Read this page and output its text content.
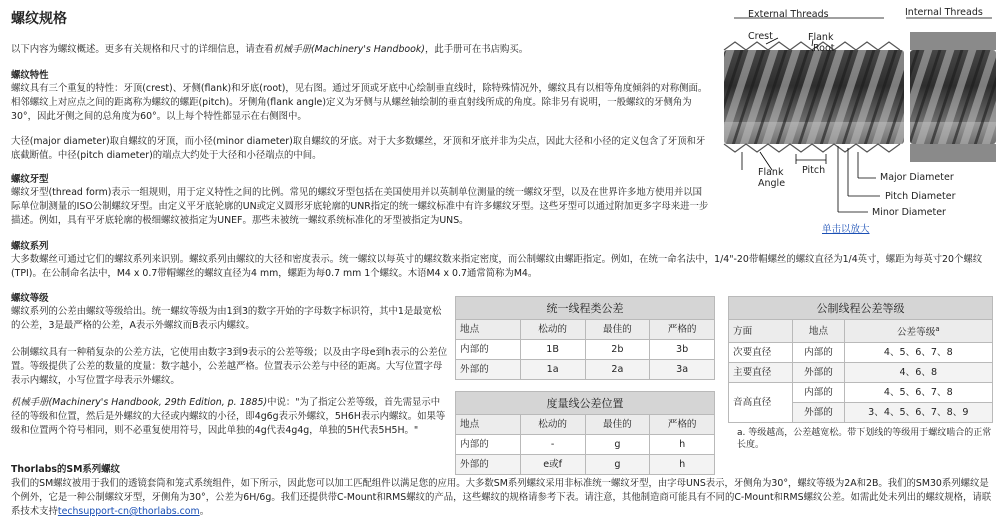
螺纹规格

以下内容为螺纹概述。更多有关规格和尺寸的详细信息，请查看机械手册(Machinery's Handbook)，此手册可在书店购买。

螺纹特性

螺纹具有三个重复的特性：牙顶(crest)、牙侧(flank)和牙底(root)，见右图。通过牙顶或牙底中心绘制垂直线时，除特殊情况外，螺纹具有以相等角度倾斜的对称侧面。相邻螺纹上对应点之间的距离称为螺纹的螺距(pitch)。牙侧角(flank angle)定义为牙侧与从螺丝轴绘制的垂直射线所成的角度。除非另有说明，一般螺纹的牙侧角为30°，因此牙侧之间的总角度为60°。以上每个特性都显示在右侧图中。

大径(major diameter)取自螺纹的牙顶，而小径(minor diameter)取自螺纹的牙底。对于大多数螺丝，牙顶和牙底并非为尖点，因此大径和小径的定义包含了牙顶和牙底截断值。中径(pitch diameter)的端点大约处于大径和小径端点的中间。

螺纹牙型

螺纹牙型(thread form)表示一组规则，用于定义特性之间的比例。常见的螺纹牙型包括在美国使用并以英制单位测量的统一螺纹牙型，以及在世界许多地方使用并以国际单位制测量的ISO公制螺纹牙型。由定义平牙底轮廓的UN或定义圆形牙底轮廓的UNR指定的统一螺纹标准中有许多螺纹牙型。这些牙型可以通过附加更多字母来进一步描述。例如，具有平牙底轮廓的极细螺纹被指定为UNEF。那些未被统一螺纹系统标准化的牙型被指定为UNS。

螺纹系列

大多数螺丝可通过它们的螺纹系列来识别。螺纹系列由螺纹的大径和密度表示。统一螺纹以每英寸的螺纹数来指定密度，而公制螺纹由螺距指定。例如，在统一命名法中，1/4"-20带帽螺丝的螺纹直径为1/4英寸，螺距为每英寸20个螺纹(TPI)。在公制命名法中，M4 x 0.7带帽螺丝的螺纹直径为4 mm，螺距为每0.7 mm 1个螺纹。木语M4 x 0.7通常简称为M4。

螺纹等级

螺纹系列的公差由螺纹等级给出。统一螺纹等级为由1到3的数字开始的字母数字标识符，其中1是最宽松的公差，3是最严格的公差，A表示外螺纹而B表示内螺纹。

公制螺纹具有一种稍复杂的公差方法，它使用由数字3到9表示的公差等级；以及由字母e到h表示的公差位置。等级提供了公差的数量的度量：数字越小，公差越严格。位置表示公差与中径的距离。大写位置字母表示内螺纹，小写位置字母表示外螺纹。

机械手册(Machinery's Handbook, 29th Edition, p. 1885)中说："为了指定公差等级，首先需显示中径的等级和位置，然后是外螺纹的大径或内螺纹的小径，即4g6g表示外螺纹，5H6H表示内螺纹。如果等级和位置两个符号相同，则不必重复使用符号，因此单独的4g代表4g4g，单独的5H代表5H5H。"

Thorlabs的SM系列螺纹

我们的SM螺纹被用于我们的透镜套筒和笼式系统组件，如下所示，因此您可以加工匹配组件以满足您的应用。大多数SM系列螺纹采用非标准统一螺纹牙型，由字母UNS表示，牙侧角为30°，螺纹等级为2A和2B。我们的SM30系列螺纹是个例外，它是一种公制螺纹牙型，牙侧角为30°，公差为6H/6g。我们还提供带C-Mount和RMS螺纹的产品，这些螺纹的规格请参考下表。请注意，其他制造商可能具有不同的C-Mount和RMS螺纹公差。如需此处未列出的螺纹规格，请联系技术支持techsupport-cn@thorlabs.com。

统一线程类公差			
地点	松动的	最佳的	严格的
内部的	1B	2b	3b
外部的	1a	2a	3a
度量线公差位置			
地点	松动的	最佳的	严格的
内部的	-	g	h
外部的	e或f	g	h
公制线程公差等级		
方面	地点	公差等级$^a$
次要直径	内部的	4、5、6、7、8
主要直径	外部的	4、6、8
音高直径	内部的	4、5、6、7、8
	外部的	3、4、5、6、7、8、9
a. 等级越高，公差越宽松。带下划线的等级用于螺纹啮合的正常长度。
External Threads	Internal Threads
Crest	Flank
Root
Flank
Angle
Pitch
Major Diameter
Pitch Diameter
Minor Diameter
单击以放大
